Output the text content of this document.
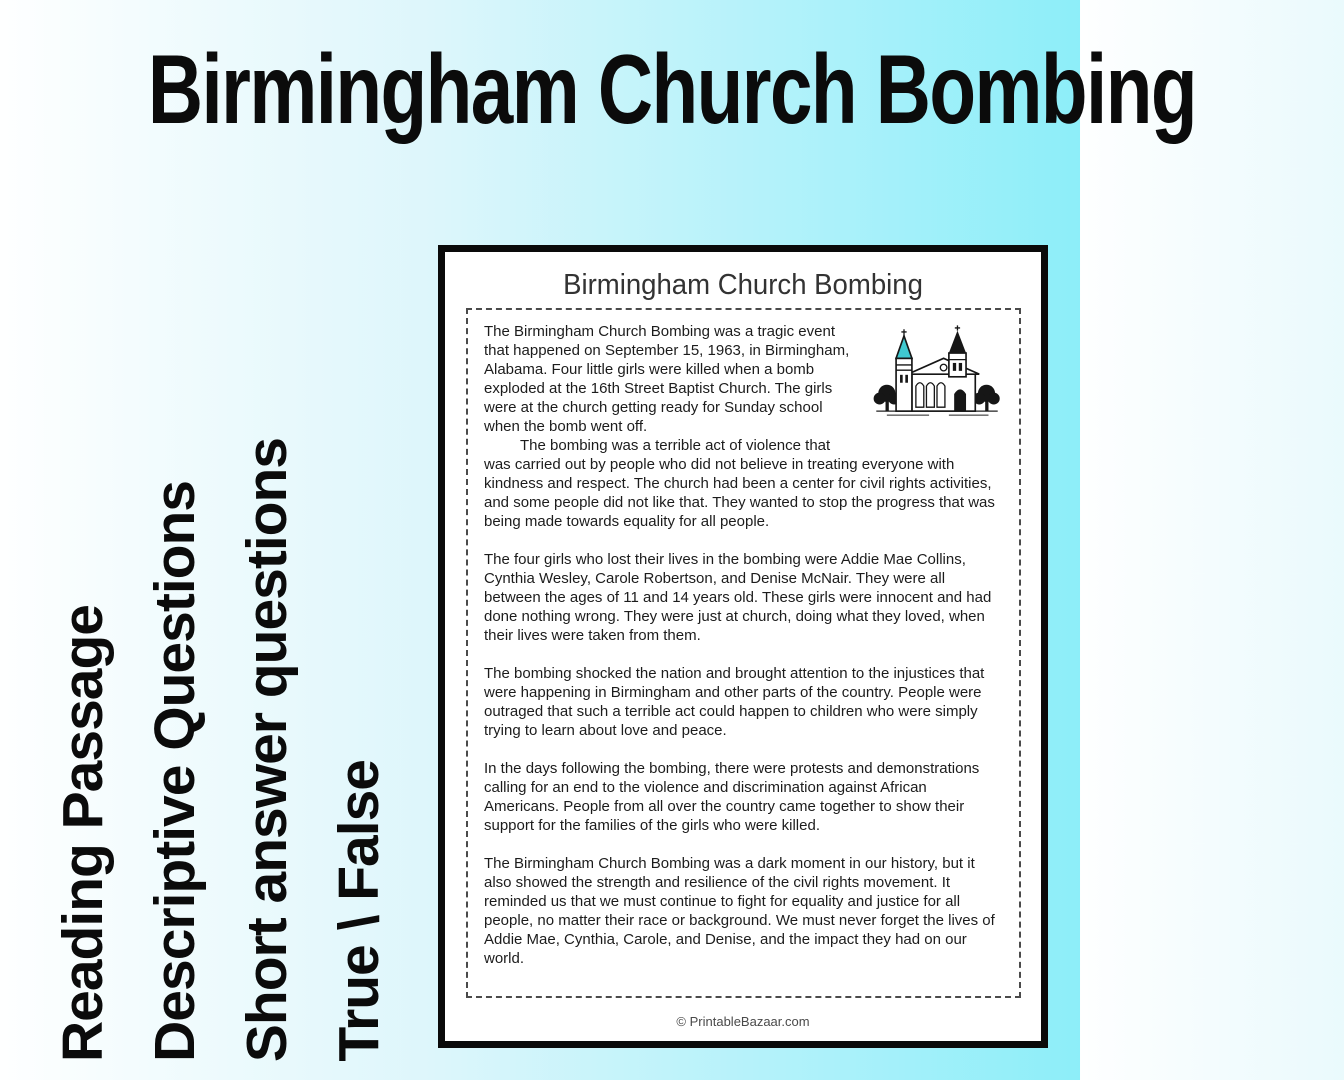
Birmingham Church Bombing
Reading Passage Descriptive Questions Short answer questions True \ False
Birmingham Church Bombing

The Birmingham Church Bombing was a tragic event that happened on September 15, 1963, in Birmingham, Alabama. Four little girls were killed when a bomb exploded at the 16th Street Baptist Church. The girls were at the church getting ready for Sunday school when the bomb went off.

The bombing was a terrible act of violence that
was carried out by people who did not believe in treating everyone with kindness and respect. The church had been a center for civil rights activities, and some people did not like that. They wanted to stop the progress that was being made towards equality for all people.

The four girls who lost their lives in the bombing were Addie Mae Collins, Cynthia Wesley, Carole Robertson, and Denise McNair. They were all between the ages of 11 and 14 years old. These girls were innocent and had done nothing wrong. They were just at church, doing what they loved, when their lives were taken from them.

The bombing shocked the nation and brought attention to the injustices that were happening in Birmingham and other parts of the country. People were outraged that such a terrible act could happen to children who were simply trying to learn about love and peace.

In the days following the bombing, there were protests and demonstrations calling for an end to the violence and discrimination against African Americans. People from all over the country came together to show their support for the families of the girls who were killed.

The Birmingham Church Bombing was a dark moment in our history, but it also showed the strength and resilience of the civil rights movement. It reminded us that we must continue to fight for equality and justice for all people, no matter their race or background. We must never forget the lives of Addie Mae, Cynthia, Carole, and Denise, and the impact they had on our world.

© PrintableBazaar.com
